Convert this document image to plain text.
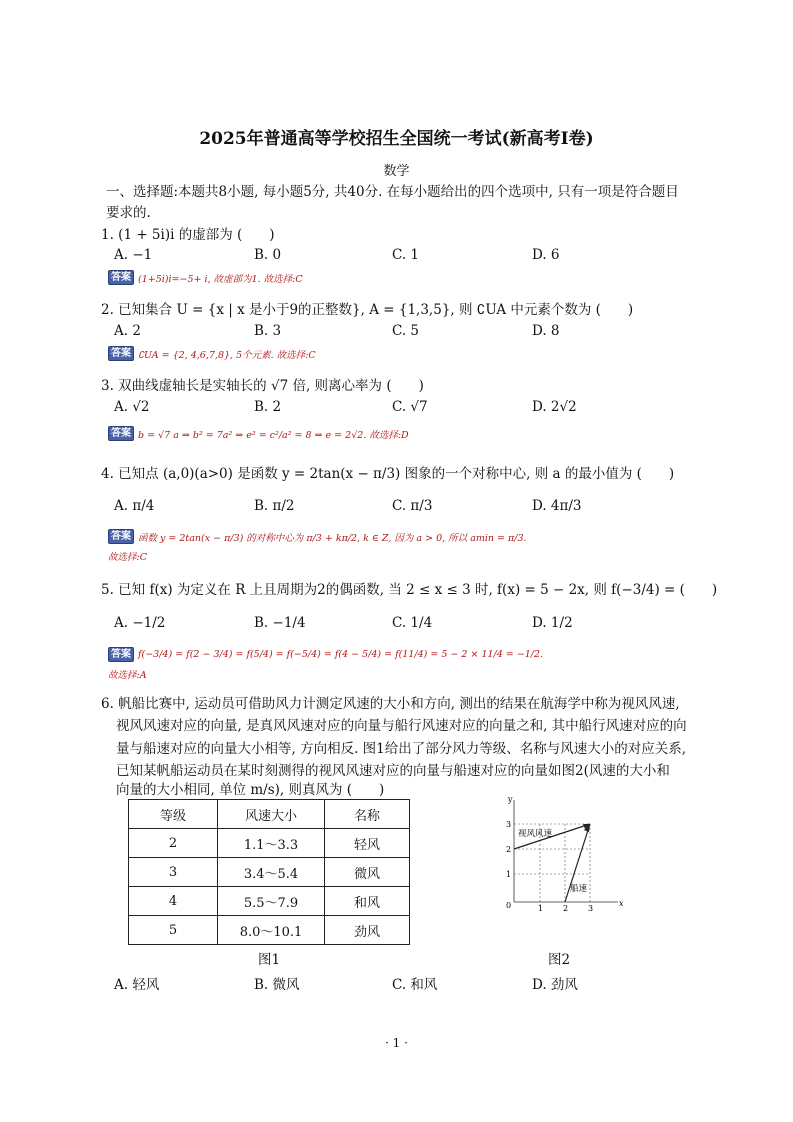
2025年普通高等学校招生全国统一考试(新高考I卷)
数学
一、选择题:本题共8小题, 每小题5分, 共40分. 在每小题给出的四个选项中, 只有一项是符合题目
要求的.
1. (1 + 5i)i 的虚部为 (　　)
A. −1	B. 0	C. 1	D. 6
答案 (1+5i)i=−5+ i, 故虚部为1. 故选择:C
2. 已知集合 U = {x | x 是小于9的正整数}, A = {1,3,5}, 则 ∁UA 中元素个数为 (　　)
A. 2	B. 3	C. 5	D. 8
答案 ∁UA = {2, 4,6,7,8}, 5个元素. 故选择:C
3. 双曲线虚轴长是实轴长的 √7 倍, 则离心率为 (　　)
A. √2	B. 2	C. √7	D. 2√2
答案 b = √7 a ⇒ b² = 7a² ⇒ e² = c²/a² = 8 ⇒ e = 2√2. 故选择:D
4. 已知点 (a,0)(a>0) 是函数 y = 2tan(x − π/3) 图象的一个对称中心, 则 a 的最小值为 (　　)
A. π/4	B. π/2	C. π/3	D. 4π/3
答案 函数 y = 2tan(x − π/3) 的对称中心为 π/3 + kπ/2, k ∈ Z, 因为 a > 0, 所以 amin = π/3.
故选择:C
5. 已知 f(x) 为定义在 R 上且周期为2的偶函数, 当 2 ≤ x ≤ 3 时, f(x) = 5 − 2x, 则 f(−3/4) = (　　)
A. −1/2	B. −1/4	C. 1/4	D. 1/2
答案 f(−3/4) = f(2 − 3/4) = f(5/4) = f(−5/4) = f(4 − 5/4) = f(11/4) = 5 − 2 × 11/4 = −1/2.
故选择:A
6. 帆船比赛中, 运动员可借助风力计测定风速的大小和方向, 测出的结果在航海学中称为视风风速,
视风风速对应的向量, 是真风风速对应的向量与船行风速对应的向量之和, 其中船行风速对应的向
量与船速对应的向量大小相等, 方向相反. 图1给出了部分风力等级、名称与风速大小的对应关系,
已知某帆船运动员在某时刻测得的视风风速对应的向量与船速对应的向量如图2(风速的大小和
向量的大小相同, 单位 m/s), 则真风为 (　　)
等级	风速大小	名称
2	1.1～3.3	轻风
3	3.4～5.4	微风
4	5.5～7.9	和风
5	8.0～10.1	劲风
图1
y
x
0	1 2 3
1
2
3
视风风速
船速
图2
A. 轻风	B. 微风	C. 和风	D. 劲风
· 1 ·
